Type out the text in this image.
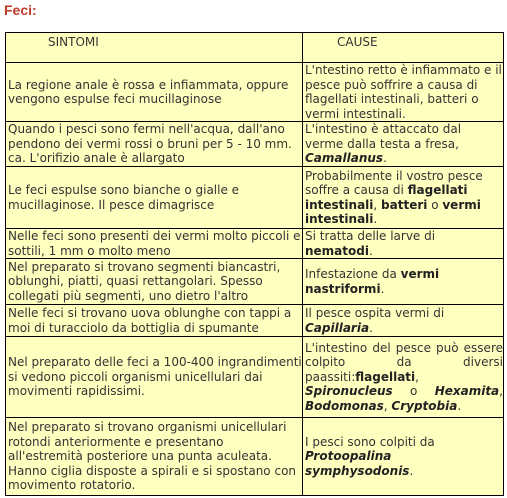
Feci:
SINTOMI	CAUSE
La regione anale è rossa e infiammata, oppure vengono espulse feci mucillaginose	L'ntestino retto è infiammato e il pesce può soffrire a causa di flagellati intestinali, batteri o vermi intestinali.
Quando i pesci sono fermi nell'acqua, dall'ano pendono dei vermi rossi o bruni per 5 - 10 mm. ca. L'orifizio anale è allargato	L'intestino è attaccato dal verme dalla testa a fresa, Camallanus.
Le feci espulse sono bianche o gialle e mucillaginose. Il pesce dimagrisce	Probabilmente il vostro pesce soffre a causa di flagellati intestinali, batteri o vermi intestinali.
Nelle feci sono presenti dei vermi molto piccoli e sottili, 1 mm o molto meno	Si tratta delle larve di nematodi.
Nel preparato si trovano segmenti biancastri, oblunghi, piatti, quasi rettangolari. Spesso collegati più segmenti, uno dietro l'altro	Infestazione da vermi nastriformi.
Nelle feci si trovano uova oblunghe con tappi a moi di turacciolo da bottiglia di spumante	Il pesce ospita vermi di Capillaria.
Nel preparato delle feci a 100-400 ingrandimenti si vedono piccoli organismi unicellulari dai movimenti rapidissimi.	L'intestino del pesce può essere colpito da diversi paassiti:flagellati, Spironucleus o Hexamita, Bodomonas, Cryptobia.
Nel preparato si trovano organismi unicellulari rotondi anteriormente e presentano all'estremità posteriore una punta aculeata. Hanno ciglia disposte a spirali e si spostano con movimento rotatorio.	I pesci sono colpiti da Protoopalina symphysodonis.
